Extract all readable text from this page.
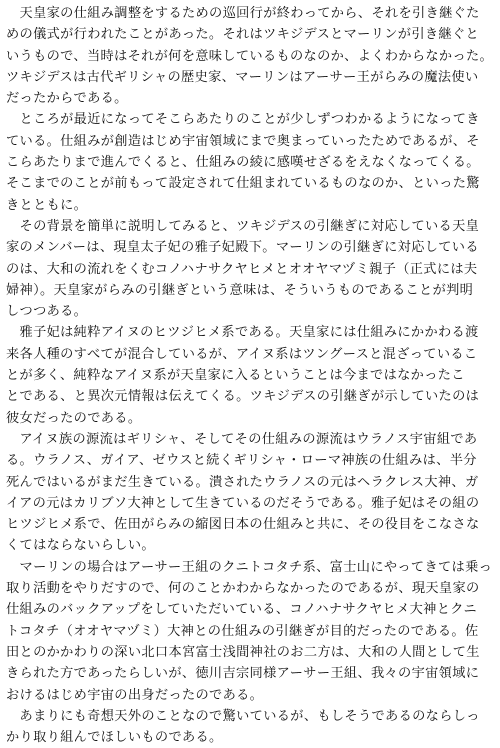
　天皇家の仕組み調整をするための巡回行が終わってから、それを引き継ぐた
めの儀式が行われたことがあった。それはツキジデスとマーリンが引き継ぐと
いうもので、当時はそれが何を意味しているものなのか、よくわからなかった。
ツキジデスは古代ギリシャの歴史家、マーリンはアーサー王がらみの魔法使い
だったからである。
　ところが最近になってそこらあたりのことが少しずつわかるようになってき
ている。仕組みが創造はじめ宇宙領域にまで奥まっていったためであるが、そ
こらあたりまで進んでくると、仕組みの綾に感嘆せざるをえなくなってくる。
そこまでのことが前もって設定されて仕組まれているものなのか、といった驚
きとともに。
　その背景を簡単に説明してみると、ツキジデスの引継ぎに対応している天皇
家のメンバーは、現皇太子妃の雅子妃殿下。マーリンの引継ぎに対応している
のは、大和の流れをくむコノハナサクヤヒメとオオヤマヅミ親子（正式には夫
婦神）。天皇家がらみの引継ぎという意味は、そういうものであることが判明
しつつある。
　雅子妃は純粋アイヌのヒツジヒメ系である。天皇家には仕組みにかかわる渡
来各人種のすべてが混合しているが、アイヌ系はツングースと混ざっているこ
とが多く、純粋なアイヌ系が天皇家に入るということは今まではなかったこ
とである、と異次元情報は伝えてくる。ツキジデスの引継ぎが示していたのは
彼女だったのである。
　アイヌ族の源流はギリシャ、そしてその仕組みの源流はウラノス宇宙組であ
る。ウラノス、ガイア、ゼウスと続くギリシャ・ローマ神族の仕組みは、半分
死んではいるがまだ生きている。潰されたウラノスの元はヘラクレス大神、ガ
イアの元はカリブソ大神として生きているのだそうである。雅子妃はその組の
ヒツジヒメ系で、佐田がらみの縮図日本の仕組みと共に、その役目をこなさな
くてはならないらしい。
　マーリンの場合はアーサー王組のクニトコタチ系、富士山にやってきては乗っ
取り活動をやりだすので、何のことかわからなかったのであるが、現天皇家の
仕組みのバックアップをしていただいている、コノハナサクヤヒメ大神とクニ
トコタチ（オオヤマヅミ）大神との仕組みの引継ぎが目的だったのである。佐
田とのかかわりの深い北口本宮富士浅間神社のお二方は、大和の人間として生
きられた方であったらしいが、徳川吉宗同様アーサー王組、我々の宇宙領域に
おけるはじめ宇宙の出身だったのである。
　あまりにも奇想天外のことなので驚いているが、もしそうであるのならしっ
かり取り組んでほしいものである。
